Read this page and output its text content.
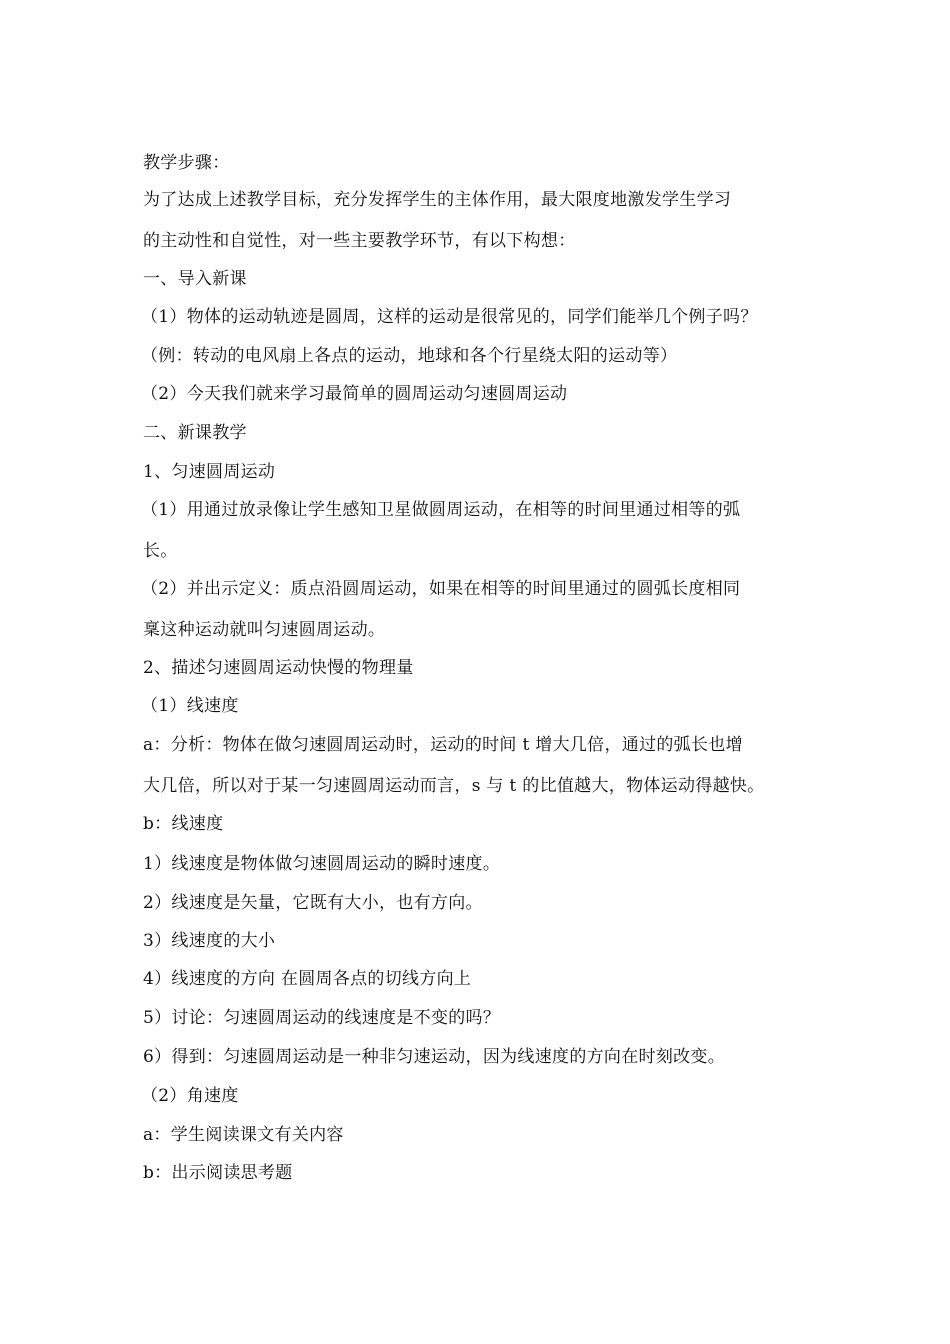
教学步骤：
为了达成上述教学目标，充分发挥学生的主体作用，最大限度地激发学生学习
的主动性和自觉性，对一些主要教学环节，有以下构想：
一、导入新课
（1）物体的运动轨迹是圆周，这样的运动是很常见的，同学们能举几个例子吗？
（例：转动的电风扇上各点的运动，地球和各个行星绕太阳的运动等）
（2）今天我们就来学习最简单的圆周运动匀速圆周运动
二、新课教学
1、匀速圆周运动
（1）用通过放录像让学生感知卫星做圆周运动，在相等的时间里通过相等的弧
长。
（2）并出示定义：质点沿圆周运动，如果在相等的时间里通过的圆弧长度相同
稟这种运动就叫匀速圆周运动。
2、描述匀速圆周运动快慢的物理量
（1）线速度
a：分析：物体在做匀速圆周运动时，运动的时间 t 增大几倍，通过的弧长也增
大几倍，所以对于某一匀速圆周运动而言，s 与 t 的比值越大，物体运动得越快。
b：线速度
1）线速度是物体做匀速圆周运动的瞬时速度。
2）线速度是矢量，它既有大小，也有方向。
3）线速度的大小
4）线速度的方向 在圆周各点的切线方向上
5）讨论：匀速圆周运动的线速度是不变的吗？
6）得到：匀速圆周运动是一种非匀速运动，因为线速度的方向在时刻改变。
（2）角速度
a：学生阅读课文有关内容
b：出示阅读思考题
